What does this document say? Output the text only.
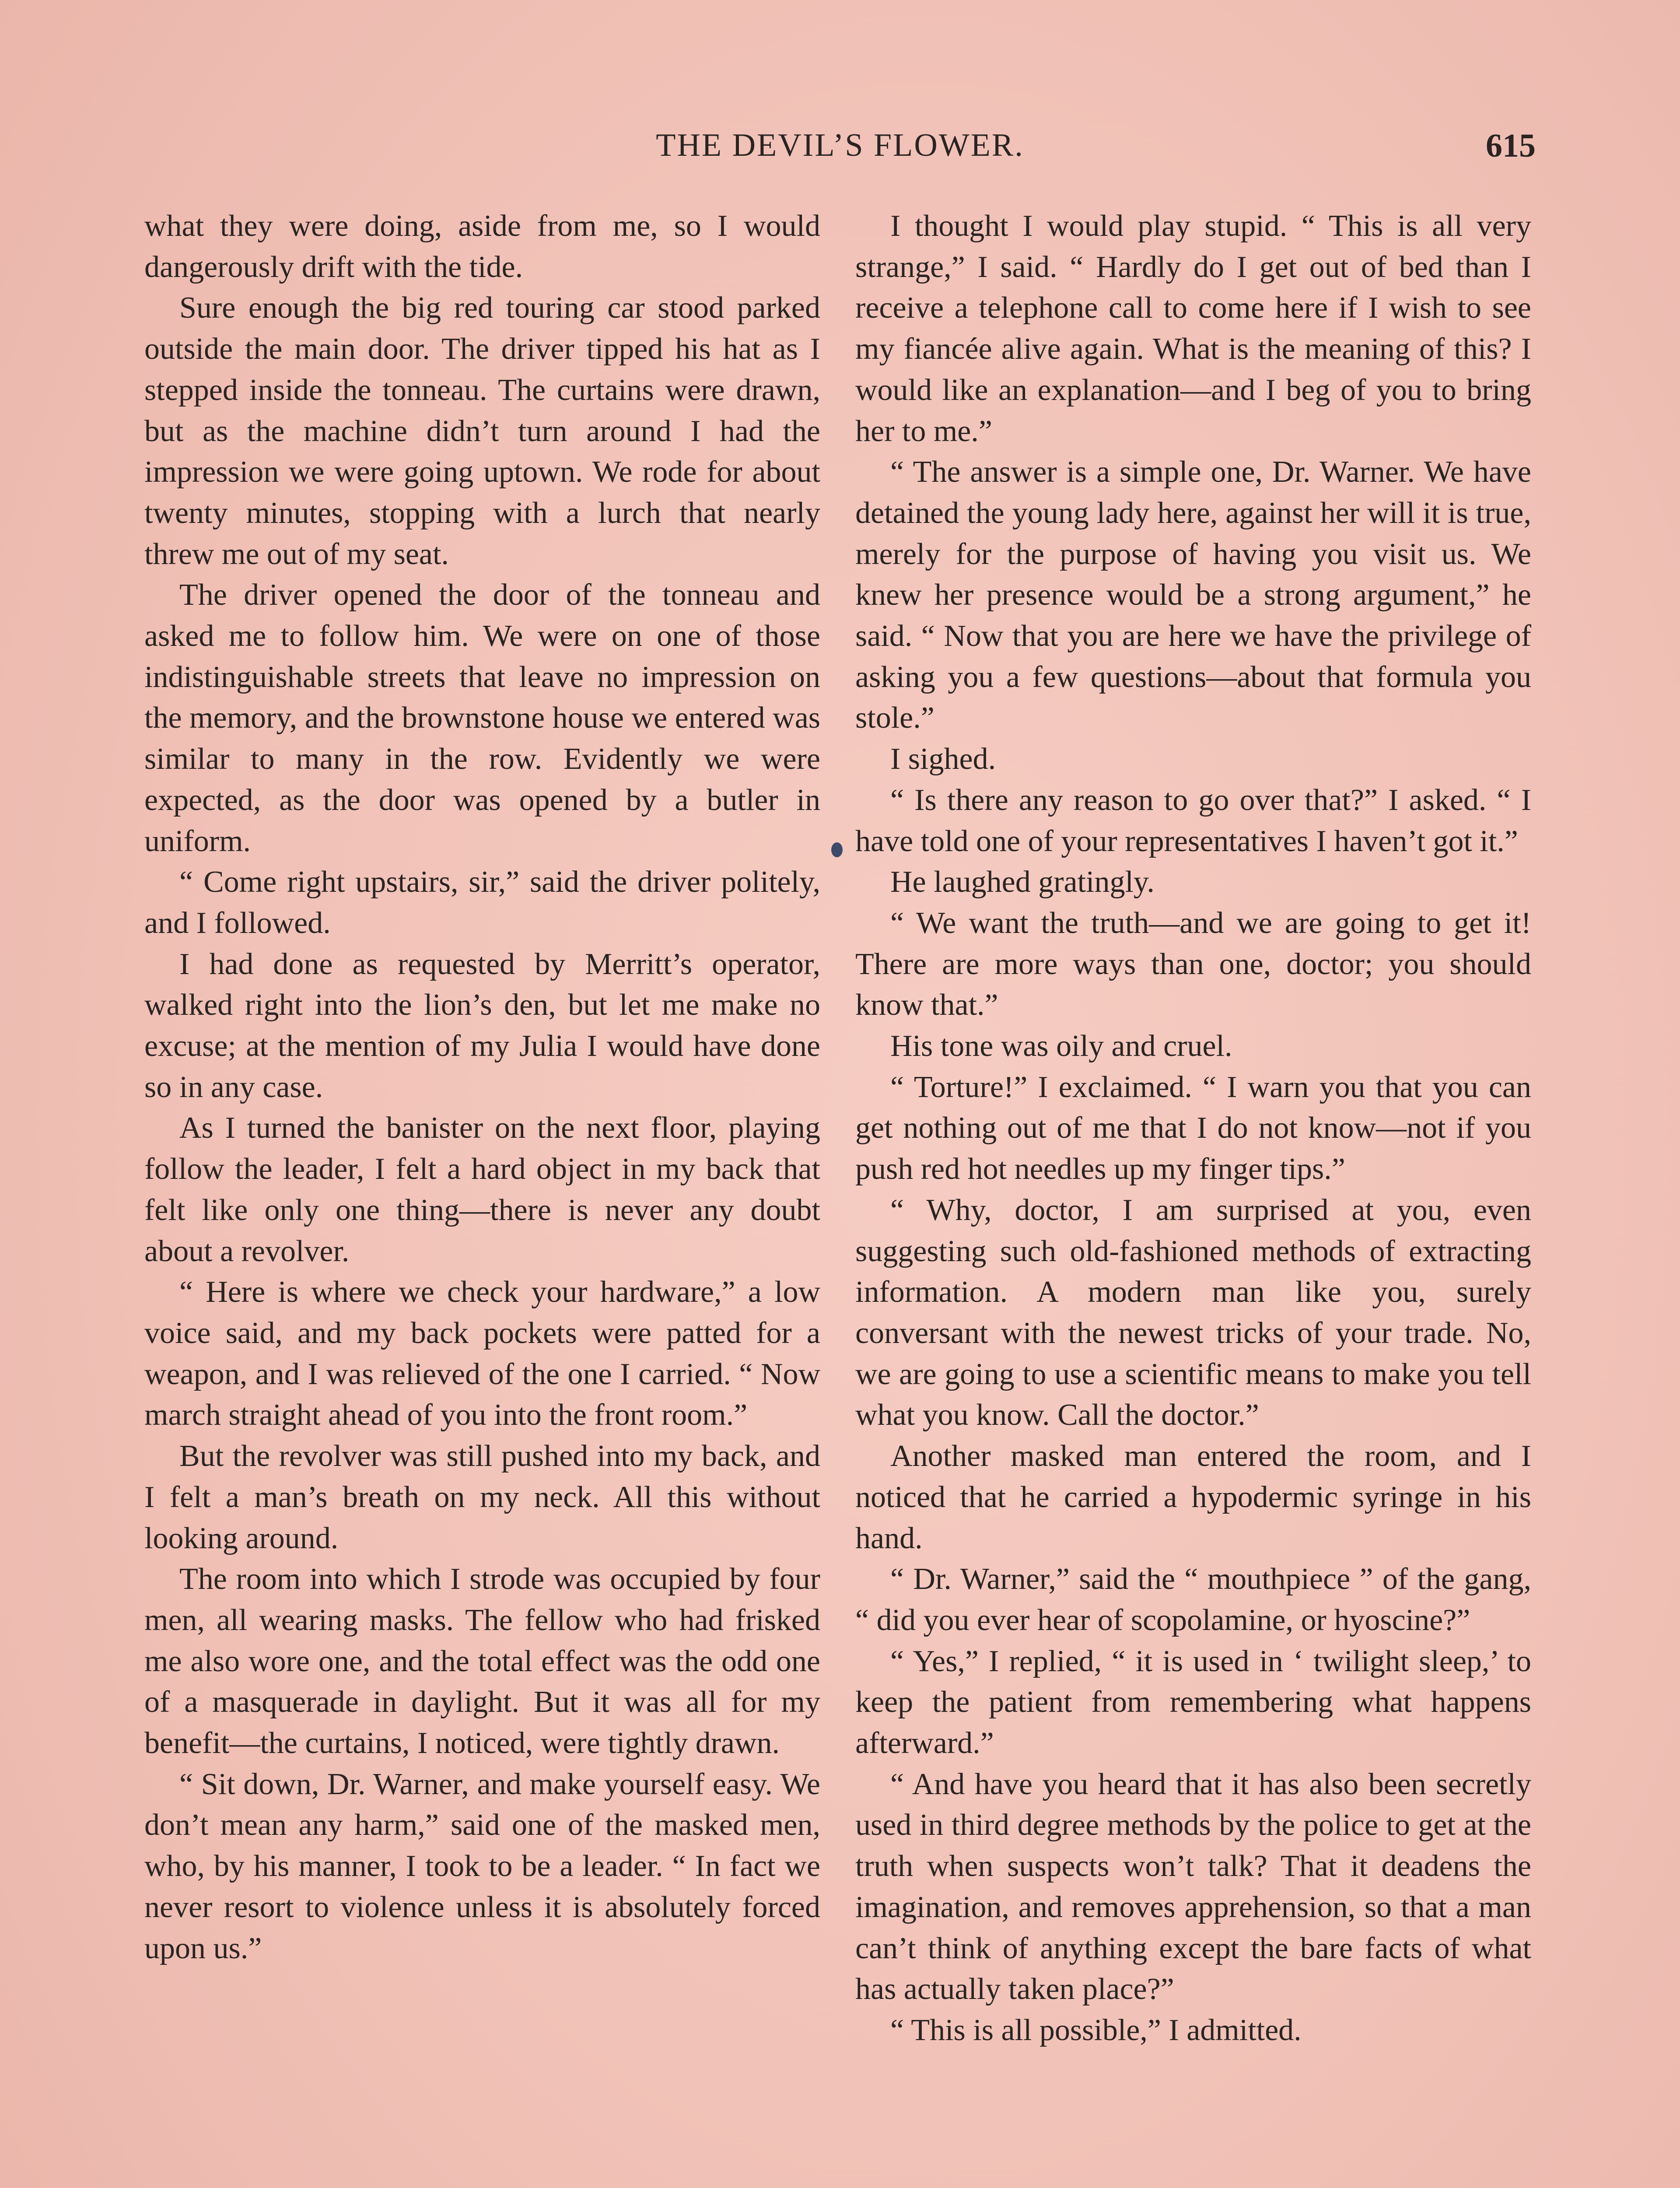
THE DEVIL’S FLOWER.	615

what they were doing, aside from me, so I would dangerously drift with the tide.

Sure enough the big red touring car stood parked outside the main door. The driver tipped his hat as I stepped inside the tonneau. The curtains were drawn, but as the machine didn’t turn around I had the impression we were going uptown. We rode for about twenty minutes, stopping with a lurch that nearly threw me out of my seat.

The driver opened the door of the tonneau and asked me to follow him. We were on one of those indistinguishable streets that leave no impression on the memory, and the brownstone house we entered was similar to many in the row. Evidently we were expected, as the door was opened by a butler in uniform.

“ Come right upstairs, sir,” said the driver politely, and I followed.

I had done as requested by Merritt’s operator, walked right into the lion’s den, but let me make no excuse; at the mention of my Julia I would have done so in any case.

As I turned the banister on the next floor, playing follow the leader, I felt a hard object in my back that felt like only one thing—there is never any doubt about a revolver.

“ Here is where we check your hardware,” a low voice said, and my back pockets were patted for a weapon, and I was relieved of the one I carried. “ Now march straight ahead of you into the front room.”

But the revolver was still pushed into my back, and I felt a man’s breath on my neck. All this without looking around.

The room into which I strode was occupied by four men, all wearing masks. The fellow who had frisked me also wore one, and the total effect was the odd one of a masquerade in daylight. But it was all for my benefit—the curtains, I noticed, were tightly drawn.

“ Sit down, Dr. Warner, and make yourself easy. We don’t mean any harm,” said one of the masked men, who, by his manner, I took to be a leader. “ In fact we never resort to violence unless it is absolutely forced upon us.”

I thought I would play stupid. “ This is all very strange,” I said. “ Hardly do I get out of bed than I receive a telephone call to come here if I wish to see my fiancée alive again. What is the meaning of this? I would like an explanation—and I beg of you to bring her to me.”

“ The answer is a simple one, Dr. Warner. We have detained the young lady here, against her will it is true, merely for the purpose of having you visit us. We knew her presence would be a strong argument,” he said. “ Now that you are here we have the privilege of asking you a few questions—about that formula you stole.”

I sighed.

“ Is there any reason to go over that?” I asked. “ I have told one of your representatives I haven’t got it.”

He laughed gratingly.

“ We want the truth—and we are going to get it! There are more ways than one, doctor; you should know that.”

His tone was oily and cruel.

“ Torture!” I exclaimed. “ I warn you that you can get nothing out of me that I do not know—not if you push red hot needles up my finger tips.”

“ Why, doctor, I am surprised at you, even suggesting such old-fashioned methods of extracting information. A modern man like you, surely conversant with the newest tricks of your trade. No, we are going to use a scientific means to make you tell what you know. Call the doctor.”

Another masked man entered the room, and I noticed that he carried a hypodermic syringe in his hand.

“ Dr. Warner,” said the “ mouthpiece ” of the gang, “ did you ever hear of scopolamine, or hyoscine?”

“ Yes,” I replied, “ it is used in ‘ twilight sleep,’ to keep the patient from remembering what happens afterward.”

“ And have you heard that it has also been secretly used in third degree methods by the police to get at the truth when suspects won’t talk? That it deadens the imagination, and removes apprehension, so that a man can’t think of anything except the bare facts of what has actually taken place?”

“ This is all possible,” I admitted.
